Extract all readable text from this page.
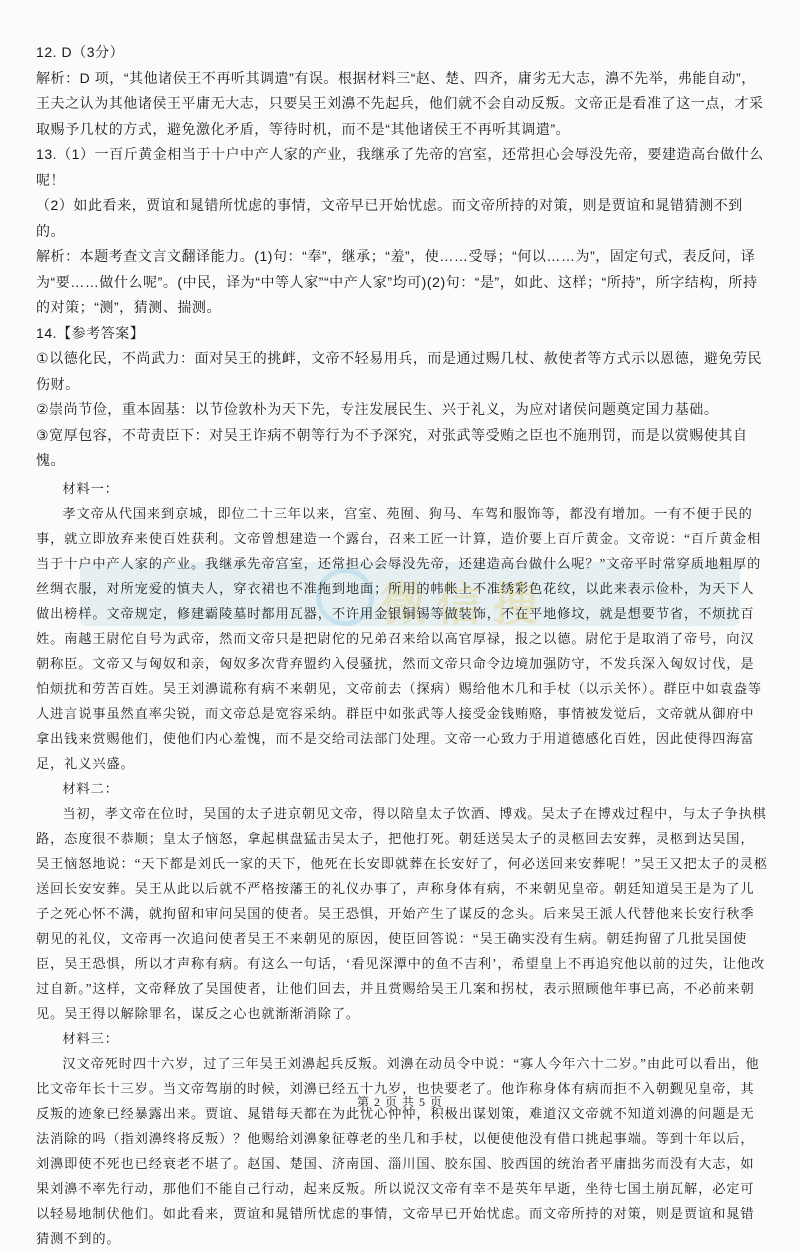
微信搜

12. D（3分）

解析：D 项，“其他诸侯王不再听其调遣”有误。根据材料三“赵、楚、四齐，庸劣无大志，濞不先举，弗能自动”，王夫之认为其他诸侯王平庸无大志，只要吴王刘濞不先起兵，他们就不会自动反叛。文帝正是看准了这一点，才采取赐予几杖的方式，避免激化矛盾，等待时机，而不是“其他诸侯王不再听其调遣”。

13.（1）一百斤黄金相当于十户中产人家的产业，我继承了先帝的宫室，还常担心会辱没先帝，要建造高台做什么呢！

（2）如此看来，贾谊和晁错所忧虑的事情，文帝早已开始忧虑。而文帝所持的对策，则是贾谊和晁错猜测不到的。

解析：本题考查文言文翻译能力。(1)句：“奉”，继承；“羞”，使……受辱；“何以……为”，固定句式，表反问，译为“要……做什么呢”。(中民，译为“中等人家”“中产人家”均可)(2)句：“是”，如此、这样；“所持”，所字结构，所持的对策；“测”，猜测、揣测。

14.【参考答案】

①以德化民，不尚武力：面对吴王的挑衅，文帝不轻易用兵，而是通过赐几杖、赦使者等方式示以恩德，避免劳民伤财。

②崇尚节俭，重本固基：以节俭敦朴为天下先，专注发展民生、兴于礼义，为应对诸侯问题奠定国力基础。

③宽厚包容，不苛责臣下：对吴王诈病不朝等行为不予深究，对张武等受贿之臣也不施刑罚，而是以赏赐使其自愧。

材料一：

孝文帝从代国来到京城，即位二十三年以来，宫室、苑囿、狗马、车驾和服饰等，都没有增加。一有不便于民的事，就立即放弃来使百姓获利。文帝曾想建造一个露台，召来工匠一计算，造价要上百斤黄金。文帝说：“百斤黄金相当于十户中产人家的产业。我继承先帝宫室，还常担心会辱没先帝，还建造高台做什么呢？”文帝平时常穿质地粗厚的丝绸衣服，对所宠爱的慎夫人，穿衣裙也不准拖到地面；所用的帏帐上不准绣彩色花纹，以此来表示俭朴，为天下人做出榜样。文帝规定，修建霸陵墓时都用瓦器，不许用金银铜锡等做装饰，不在平地修坟，就是想要节省，不烦扰百姓。南越王尉佗自号为武帝，然而文帝只是把尉佗的兄弟召来给以高官厚禄，报之以德。尉佗于是取消了帝号，向汉朝称臣。文帝又与匈奴和亲，匈奴多次背弃盟约入侵骚扰，然而文帝只命令边境加强防守，不发兵深入匈奴讨伐，是怕烦扰和劳苦百姓。吴王刘濞谎称有病不来朝见，文帝前去（探病）赐给他木几和手杖（以示关怀）。群臣中如袁盎等人进言说事虽然直率尖锐，而文帝总是宽容采纳。群臣中如张武等人接受金钱贿赂，事情被发觉后，文帝就从御府中拿出钱来赏赐他们，使他们内心羞愧，而不是交给司法部门处理。文帝一心致力于用道德感化百姓，因此使得四海富足，礼义兴盛。

材料二：

当初，孝文帝在位时，吴国的太子进京朝见文帝，得以陪皇太子饮酒、博戏。吴太子在博戏过程中，与太子争执棋路，态度很不恭顺；皇太子恼怒，拿起棋盘猛击吴太子，把他打死。朝廷送吴太子的灵柩回去安葬，灵柩到达吴国，吴王恼怒地说：“天下都是刘氏一家的天下，他死在长安即就葬在长安好了，何必送回来安葬呢！”吴王又把太子的灵柩送回长安安葬。吴王从此以后就不严格按藩王的礼仪办事了，声称身体有病，不来朝见皇帝。朝廷知道吴王是为了儿子之死心怀不满，就拘留和审问吴国的使者。吴王恐惧，开始产生了谋反的念头。后来吴王派人代替他来长安行秋季朝见的礼仪，文帝再一次追问使者吴王不来朝见的原因，使臣回答说：“吴王确实没有生病。朝廷拘留了几批吴国使臣，吴王恐惧，所以才声称有病。有这么一句话，‘看见深潭中的鱼不吉利’，希望皇上不再追究他以前的过失，让他改过自新。”这样，文帝释放了吴国使者，让他们回去，并且赏赐给吴王几案和拐杖，表示照顾他年事已高，不必前来朝见。吴王得以解除罪名，谋反之心也就渐渐消除了。

材料三：

汉文帝死时四十六岁，过了三年吴王刘濞起兵反叛。刘濞在动员令中说：“寡人今年六十二岁。”由此可以看出，他比文帝年长十三岁。当文帝驾崩的时候，刘濞已经五十九岁，也快要老了。他诈称身体有病而拒不入朝觐见皇帝，其反叛的迹象已经暴露出来。贾谊、晁错每天都在为此忧心忡忡，积极出谋划策，难道汉文帝就不知道刘濞的问题是无法消除的吗（指刘濞终将反叛）？他赐给刘濞象征尊老的坐几和手杖，以便使他没有借口挑起事端。等到十年以后，刘濞即使不死也已经衰老不堪了。赵国、楚国、济南国、淄川国、胶东国、胶西国的统治者平庸拙劣而没有大志，如果刘濞不率先行动，那他们不能自己行动，起来反叛。所以说汉文帝有幸不是英年早逝，坐待七国土崩瓦解，必定可以轻易地制伏他们。如此看来，贾谊和晁错所忧虑的事情，文帝早已开始忧虑。而文帝所持的对策，则是贾谊和晁错猜测不到的。

第 2 页 共 5 页
